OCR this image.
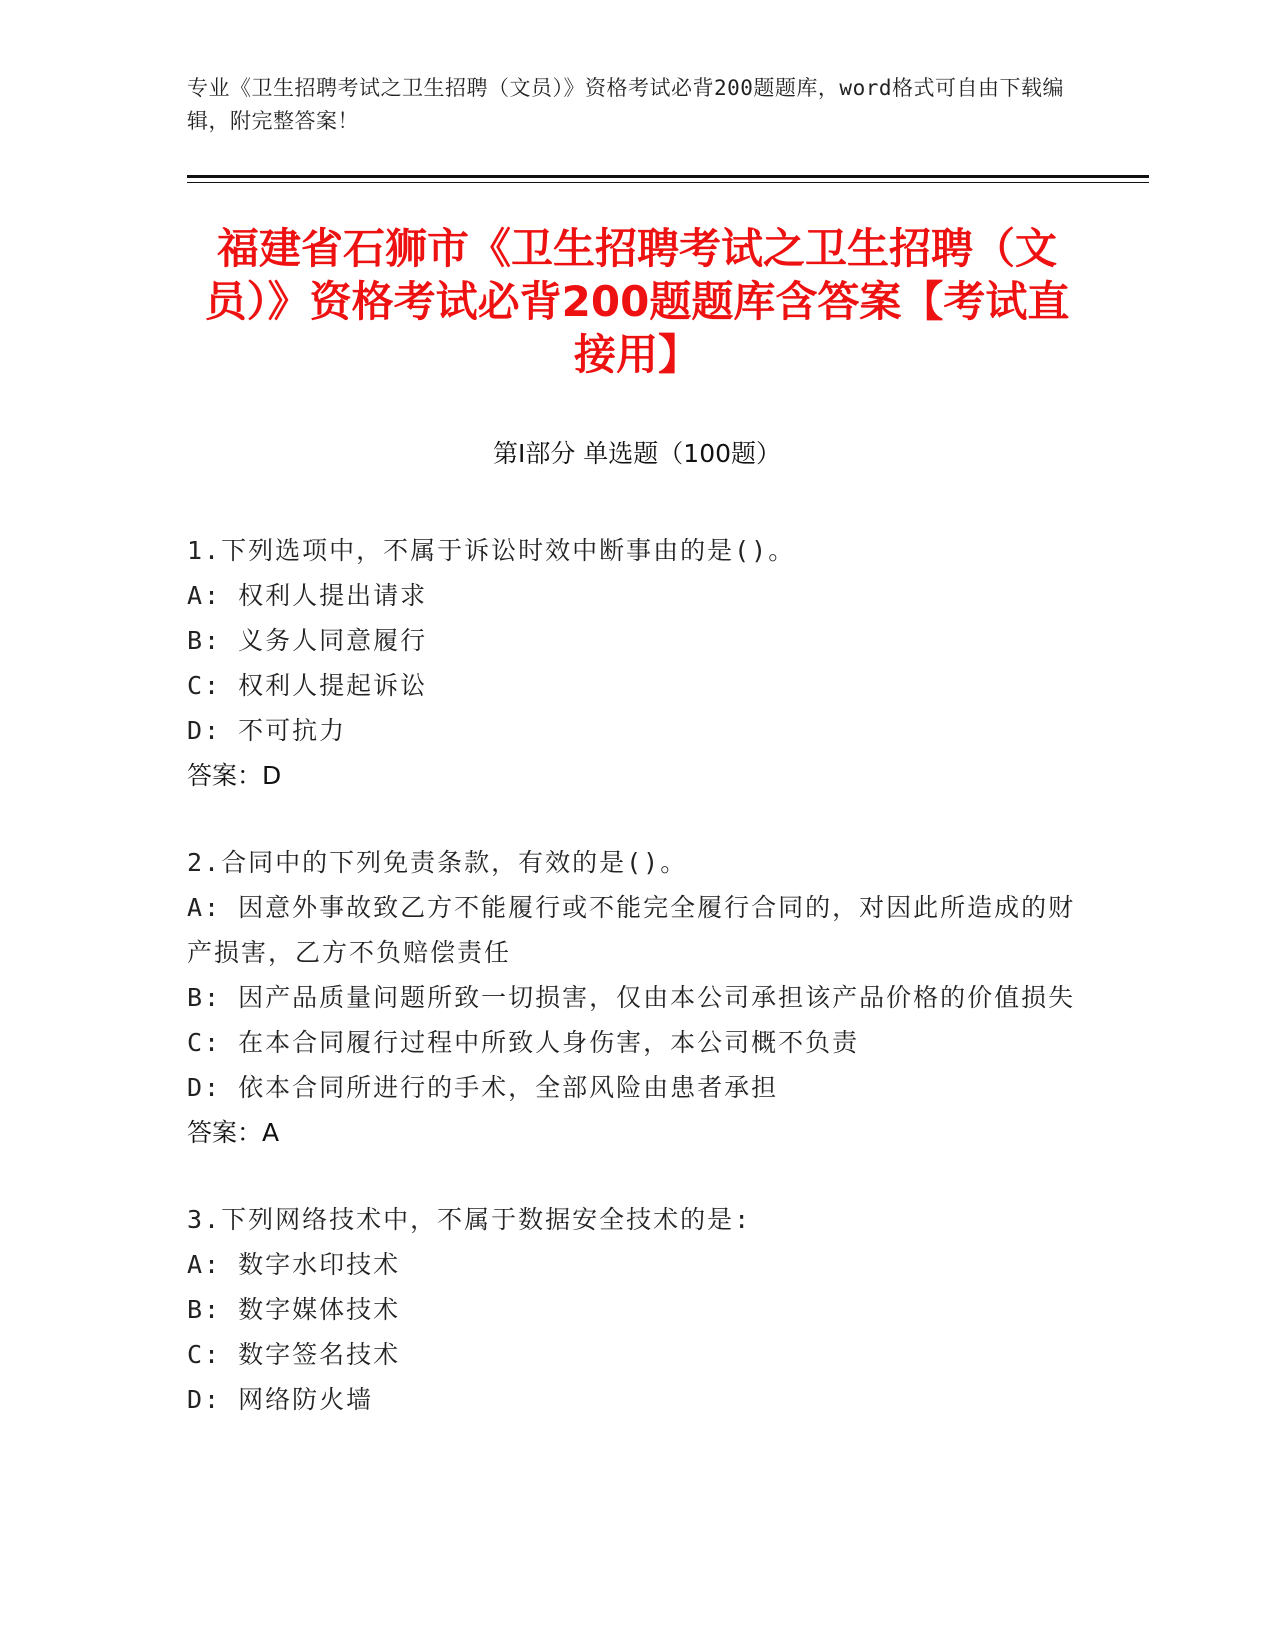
专业《卫生招聘考试之卫生招聘（文员）》资格考试必背200题题库，word格式可自由下载编辑，附完整答案！
福建省石狮市《卫生招聘考试之卫生招聘（文员）》资格考试必背200题题库含答案【考试直接用】
第I部分 单选题（100题）
1.下列选项中，不属于诉讼时效中断事由的是()。
A: 权利人提出请求
B: 义务人同意履行
C: 权利人提起诉讼
D: 不可抗力
答案：D
2.合同中的下列免责条款，有效的是()。
A: 因意外事故致乙方不能履行或不能完全履行合同的，对因此所造成的财产损害，乙方不负赔偿责任
B: 因产品质量问题所致一切损害，仅由本公司承担该产品价格的价值损失
C: 在本合同履行过程中所致人身伤害，本公司概不负责
D: 依本合同所进行的手术，全部风险由患者承担
答案：A
3.下列网络技术中，不属于数据安全技术的是:
A: 数字水印技术
B: 数字媒体技术
C: 数字签名技术
D: 网络防火墙
